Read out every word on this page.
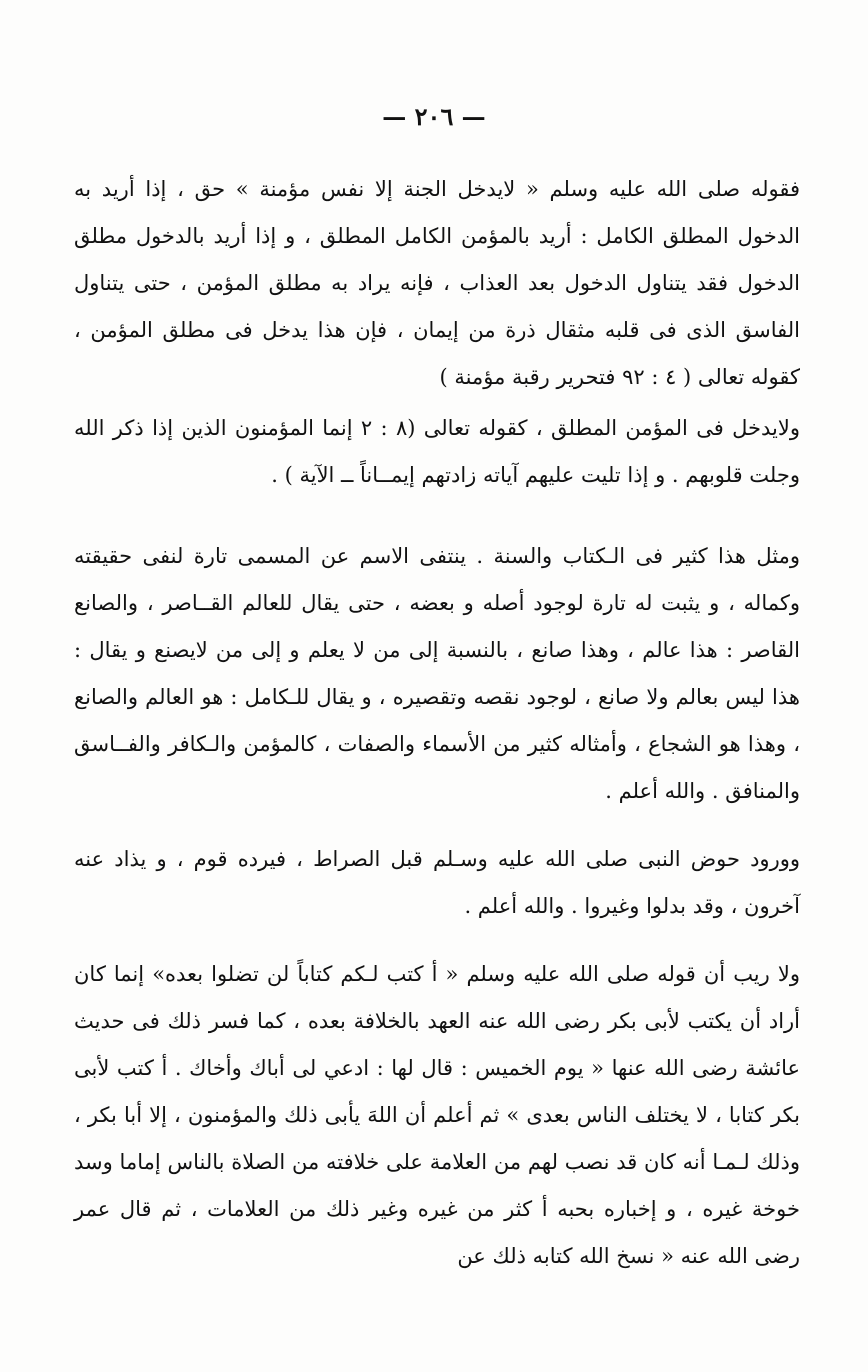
— ٢٠٦ —

فقوله صلى الله عليه وسلم « لايدخل الجنة إلا نفس مؤمنة » حق ، إذا أريد به الدخول المطلق الكامل : أريد بالمؤمن الكامل المطلق ، و إذا أريد بالدخول مطلق الدخول فقد يتناول الدخول بعد العذاب ، فإنه يراد به مطلق المؤمن ، حتى يتناول الفاسق الذى فى قلبه مثقال ذرة من إيمان ، فإن هذا يدخل فى مطلق المؤمن ، كقوله تعالى ( ٤ : ٩٢ فتحرير رقبة مؤمنة )

ولايدخل فى المؤمن المطلق ، كقوله تعالى (٨ : ٢ إنما المؤمنون الذين إذا ذكر الله وجلت قلوبهم . و إذا تليت عليهم آياته زادتهم إيمــاناً ــ الآية ) .

ومثل هذا كثير فى الـكتاب والسنة . ينتفى الاسم عن المسمى تارة لنفى حقيقته وكماله ، و يثبت له تارة لوجود أصله و بعضه ، حتى يقال للعالم القــاصر ، والصانع القاصر : هذا عالم ، وهذا صانع ، بالنسبة إلى من لا يعلم و إلى من لايصنع و يقال : هذا ليس بعالم ولا صانع ، لوجود نقصه وتقصيره ، و يقال للـكامل : هو العالم والصانع ، وهذا هو الشجاع ، وأمثاله كثير من الأسماء والصفات ، كالمؤمن والـكافر والفــاسق والمنافق . والله أعلم .

وورود حوض النبى صلى الله عليه وسـلم قبل الصراط ، فيرده قوم ، و يذاد عنه آخرون ، وقد بدلوا وغيروا . والله أعلم .

ولا ريب أن قوله صلى الله عليه وسلم « أ كتب لـكم كتاباً لن تضلوا بعده» إنما كان أراد أن يكتب لأبى بكر رضى الله عنه العهد بالخلافة بعده ، كما فسر ذلك فى حديث عائشة رضى الله عنها « يوم الخميس : قال لها : ادعي لى أباك وأخاك . أ كتب لأبى بكر كتابا ، لا يختلف الناس بعدى » ثم أعلم أن اللهَ يأبى ذلك والمؤمنون ، إلا أبا بكر ، وذلك لـمـا أنه كان قد نصب لهم من العلامة على خلافته من الصلاة بالناس إماما وسد خوخة غيره ، و إخباره بحبه أ كثر من غيره وغير ذلك من العلامات ، ثم قال عمر رضى الله عنه « نسخ الله كتابه ذلك عن
